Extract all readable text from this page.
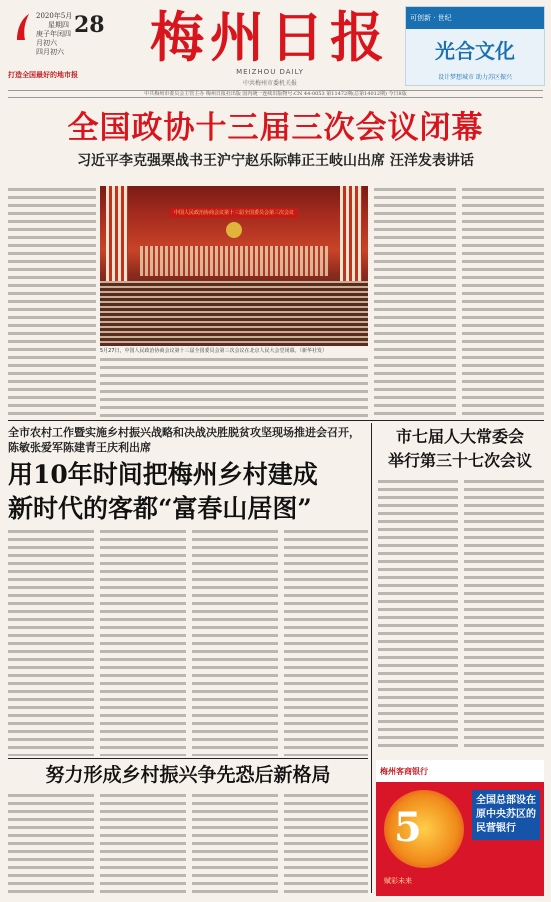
2020年5月
星期四
庚子年闰四月初六
四月初六
28
打造全国最好的地市报
梅州日报
MEIZHOU DAILY
中共梅州市委机关报
可创新 · 世纪
光合文化
设计梦想城市 助力苏区振兴
中共梅州市委员会主管主办 梅州日报社出版 国内统一连续出版物号:CN 44-0053 第11472期(总第14012期) 今日8版
全国政协十三届三次会议闭幕
习近平李克强栗战书王沪宁赵乐际韩正王岐山出席 汪洋发表讲话
中国人民政治协商会议第十三届全国委员会第三次会议
5月27日，中国人民政治协商会议第十三届全国委员会第三次会议在北京人民大会堂闭幕。（新华社发）
全市农村工作暨实施乡村振兴战略和决战决胜脱贫攻坚现场推进会召开，陈敏张爱军陈建青王庆利出席
用10年时间把梅州乡村建成
新时代的客都“富春山居图”
市七届人大常委会
举行第三十七次会议
努力形成乡村振兴争先恐后新格局	梅州客商银行
5
全国总部设在原中央苏区的民营银行
赋彩未来
